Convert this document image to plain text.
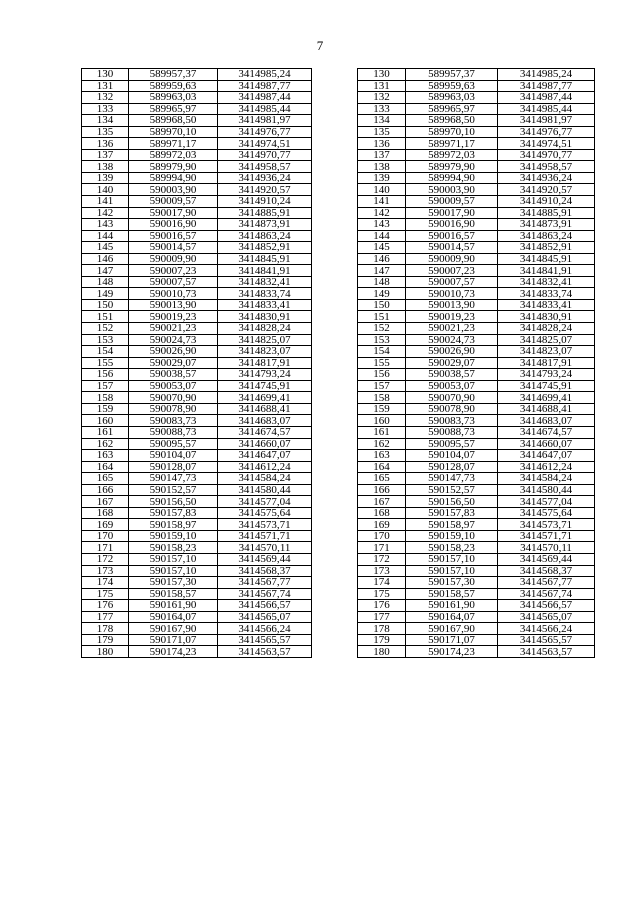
7
130	589957,37	3414985,24
131	589959,63	3414987,77
132	589963,03	3414987,44
133	589965,97	3414985,44
134	589968,50	3414981,97
135	589970,10	3414976,77
136	589971,17	3414974,51
137	589972,03	3414970,77
138	589979,90	3414958,57
139	589994,90	3414936,24
140	590003,90	3414920,57
141	590009,57	3414910,24
142	590017,90	3414885,91
143	590016,90	3414873,91
144	590016,57	3414863,24
145	590014,57	3414852,91
146	590009,90	3414845,91
147	590007,23	3414841,91
148	590007,57	3414832,41
149	590010,73	3414833,74
150	590013,90	3414833,41
151	590019,23	3414830,91
152	590021,23	3414828,24
153	590024,73	3414825,07
154	590026,90	3414823,07
155	590029,07	3414817,91
156	590038,57	3414793,24
157	590053,07	3414745,91
158	590070,90	3414699,41
159	590078,90	3414688,41
160	590083,73	3414683,07
161	590088,73	3414674,57
162	590095,57	3414660,07
163	590104,07	3414647,07
164	590128,07	3414612,24
165	590147,73	3414584,24
166	590152,57	3414580,44
167	590156,50	3414577,04
168	590157,83	3414575,64
169	590158,97	3414573,71
170	590159,10	3414571,71
171	590158,23	3414570,11
172	590157,10	3414569,44
173	590157,10	3414568,37
174	590157,30	3414567,77
175	590158,57	3414567,74
176	590161,90	3414566,57
177	590164,07	3414565,07
178	590167,90	3414566,24
179	590171,07	3414565,57
180	590174,23	3414563,57
130	589957,37	3414985,24
131	589959,63	3414987,77
132	589963,03	3414987,44
133	589965,97	3414985,44
134	589968,50	3414981,97
135	589970,10	3414976,77
136	589971,17	3414974,51
137	589972,03	3414970,77
138	589979,90	3414958,57
139	589994,90	3414936,24
140	590003,90	3414920,57
141	590009,57	3414910,24
142	590017,90	3414885,91
143	590016,90	3414873,91
144	590016,57	3414863,24
145	590014,57	3414852,91
146	590009,90	3414845,91
147	590007,23	3414841,91
148	590007,57	3414832,41
149	590010,73	3414833,74
150	590013,90	3414833,41
151	590019,23	3414830,91
152	590021,23	3414828,24
153	590024,73	3414825,07
154	590026,90	3414823,07
155	590029,07	3414817,91
156	590038,57	3414793,24
157	590053,07	3414745,91
158	590070,90	3414699,41
159	590078,90	3414688,41
160	590083,73	3414683,07
161	590088,73	3414674,57
162	590095,57	3414660,07
163	590104,07	3414647,07
164	590128,07	3414612,24
165	590147,73	3414584,24
166	590152,57	3414580,44
167	590156,50	3414577,04
168	590157,83	3414575,64
169	590158,97	3414573,71
170	590159,10	3414571,71
171	590158,23	3414570,11
172	590157,10	3414569,44
173	590157,10	3414568,37
174	590157,30	3414567,77
175	590158,57	3414567,74
176	590161,90	3414566,57
177	590164,07	3414565,07
178	590167,90	3414566,24
179	590171,07	3414565,57
180	590174,23	3414563,57
